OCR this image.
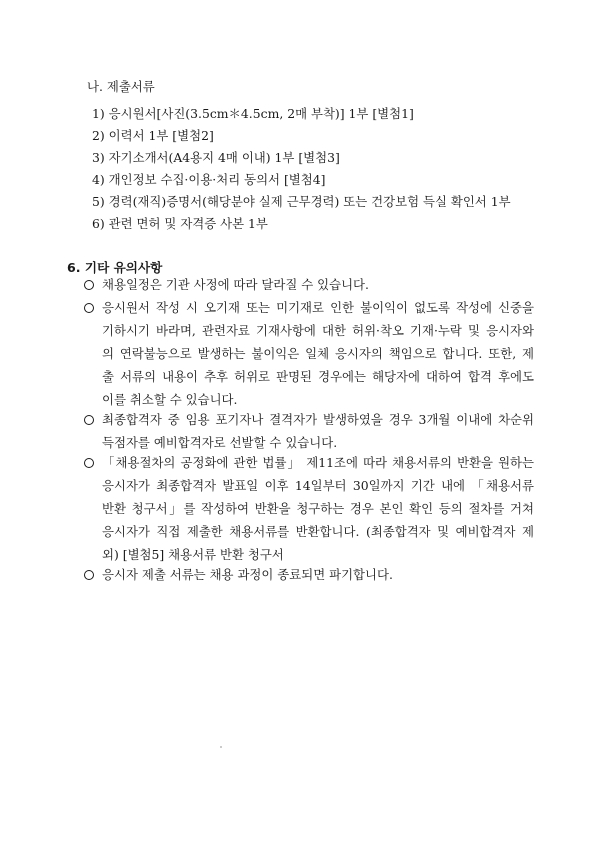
나. 제출서류
1) 응시원서[사진(3.5cm＊4.5cm, 2매 부착)] 1부 [별첨1]
2) 이력서 1부 [별첨2]
3) 자기소개서(A4용지 4매 이내) 1부 [별첨3]
4) 개인정보 수집·이용·처리 동의서 [별첨4]
5) 경력(재직)증명서(해당분야 실제 근무경력) 또는 건강보험 득실 확인서 1부
6) 관련 면허 및 자격증 사본 1부
6. 기타 유의사항
채용일정은 기관 사정에 따라 달라질 수 있습니다.
응시원서 작성 시 오기재 또는 미기재로 인한 불이익이 없도록 작성에 신중을
기하시기 바라며, 관련자료 기재사항에 대한 허위·착오 기재·누락 및 응시자와
의 연락불능으로 발생하는 불이익은 일체 응시자의 책임으로 합니다. 또한, 제
출 서류의 내용이 추후 허위로 판명된 경우에는 해당자에 대하여 합격 후에도
이를 취소할 수 있습니다.
최종합격자 중 임용 포기자나 결격자가 발생하였을 경우 3개월 이내에 차순위
득점자를 예비합격자로 선발할 수 있습니다.
「채용절차의 공정화에 관한 법률」 제11조에 따라 채용서류의 반환을 원하는
응시자가 최종합격자 발표일 이후 14일부터 30일까지 기간 내에 「채용서류
반환 청구서」를 작성하여 반환을 청구하는 경우 본인 확인 등의 절차를 거쳐
응시자가 직접 제출한 채용서류를 반환합니다. (최종합격자 및 예비합격자 제
외) [별첨5] 채용서류 반환 청구서
응시자 제출 서류는 채용 과정이 종료되면 파기합니다.
